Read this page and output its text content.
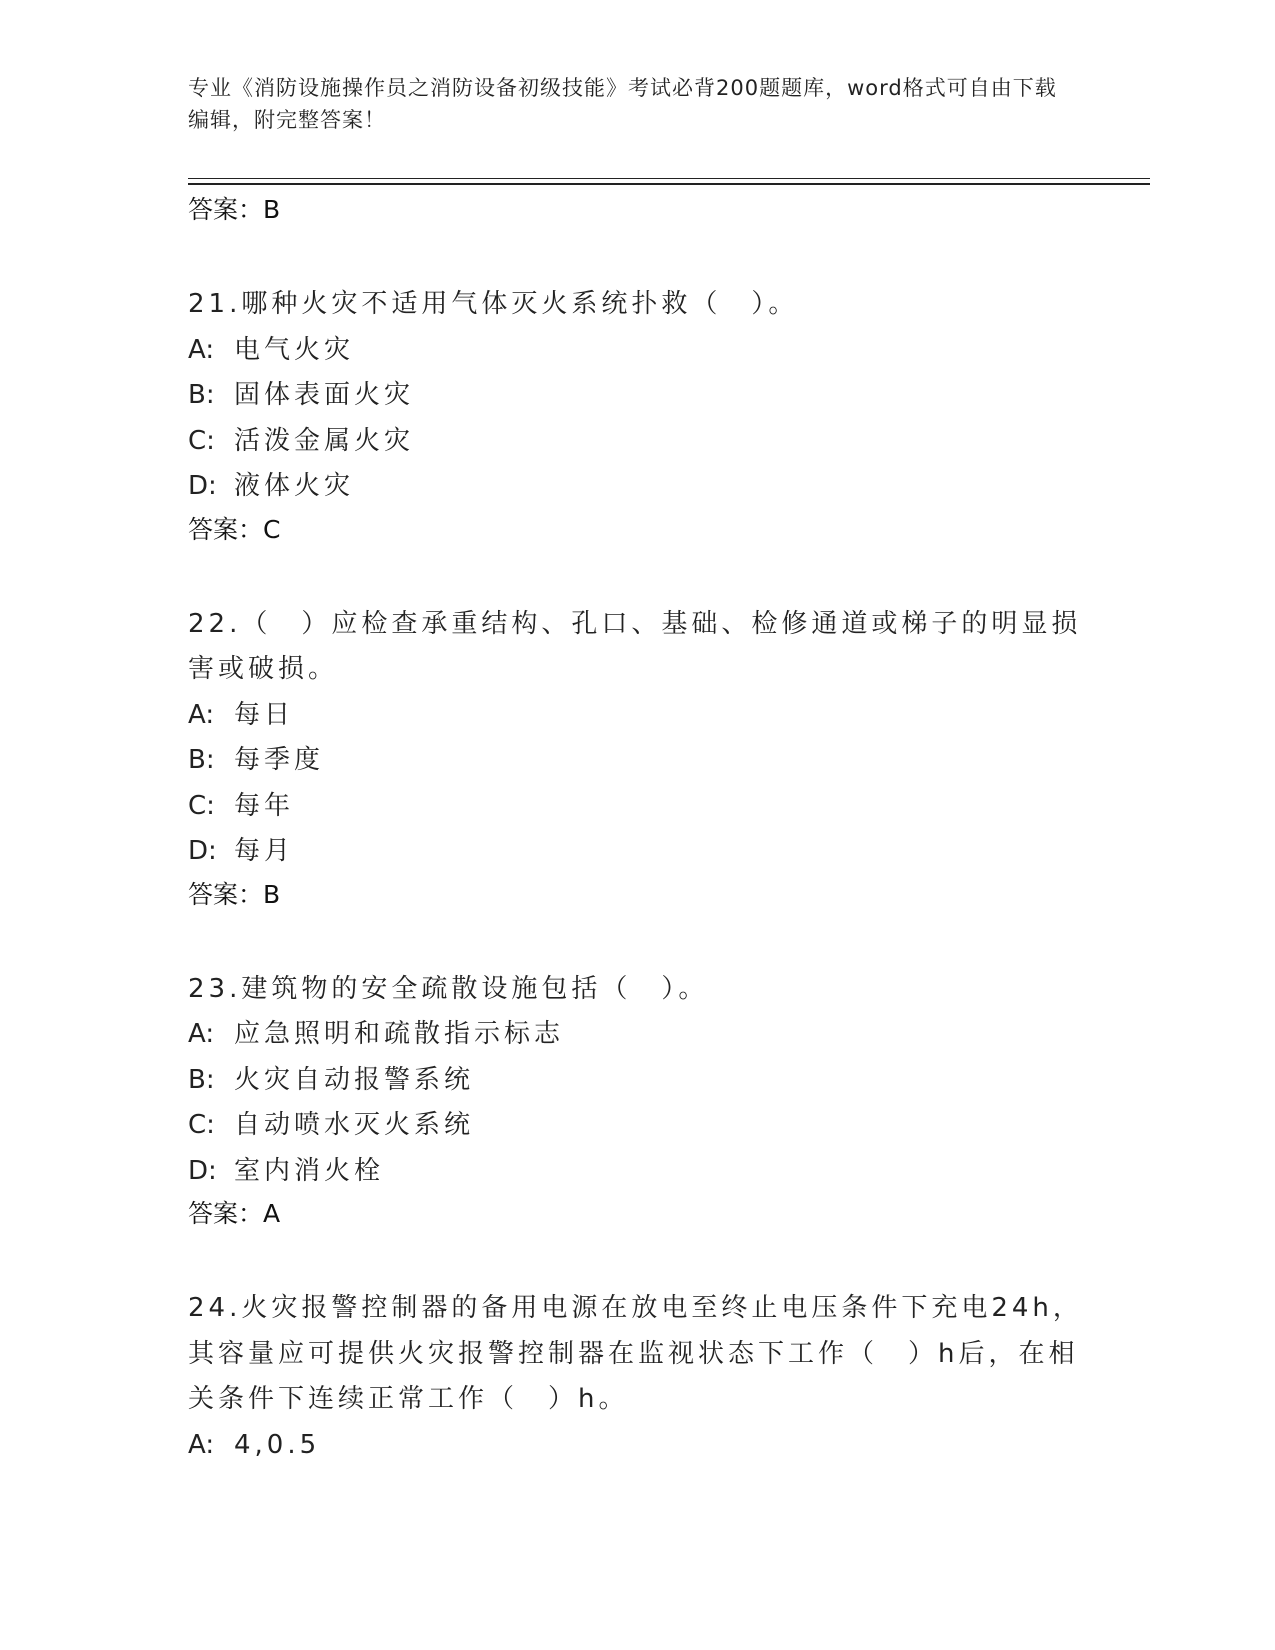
专业《消防设施操作员之消防设备初级技能》考试必背200题题库，word格式可自由下载编辑，附完整答案！

答案：B

21.哪种火灾不适用气体灭火系统扑救（　）。

A: 电气火灾

B: 固体表面火灾

C: 活泼金属火灾

D: 液体火灾

答案：C

22.（　）应检查承重结构、孔口、基础、检修通道或梯子的明显损害或破损。

A: 每日

B: 每季度

C: 每年

D: 每月

答案：B

23.建筑物的安全疏散设施包括（　）。

A: 应急照明和疏散指示标志

B: 火灾自动报警系统

C: 自动喷水灭火系统

D: 室内消火栓

答案：A

24.火灾报警控制器的备用电源在放电至终止电压条件下充电24h，其容量应可提供火灾报警控制器在监视状态下工作（　）h后，在相关条件下连续正常工作（　）h。

A: 4,0.5
